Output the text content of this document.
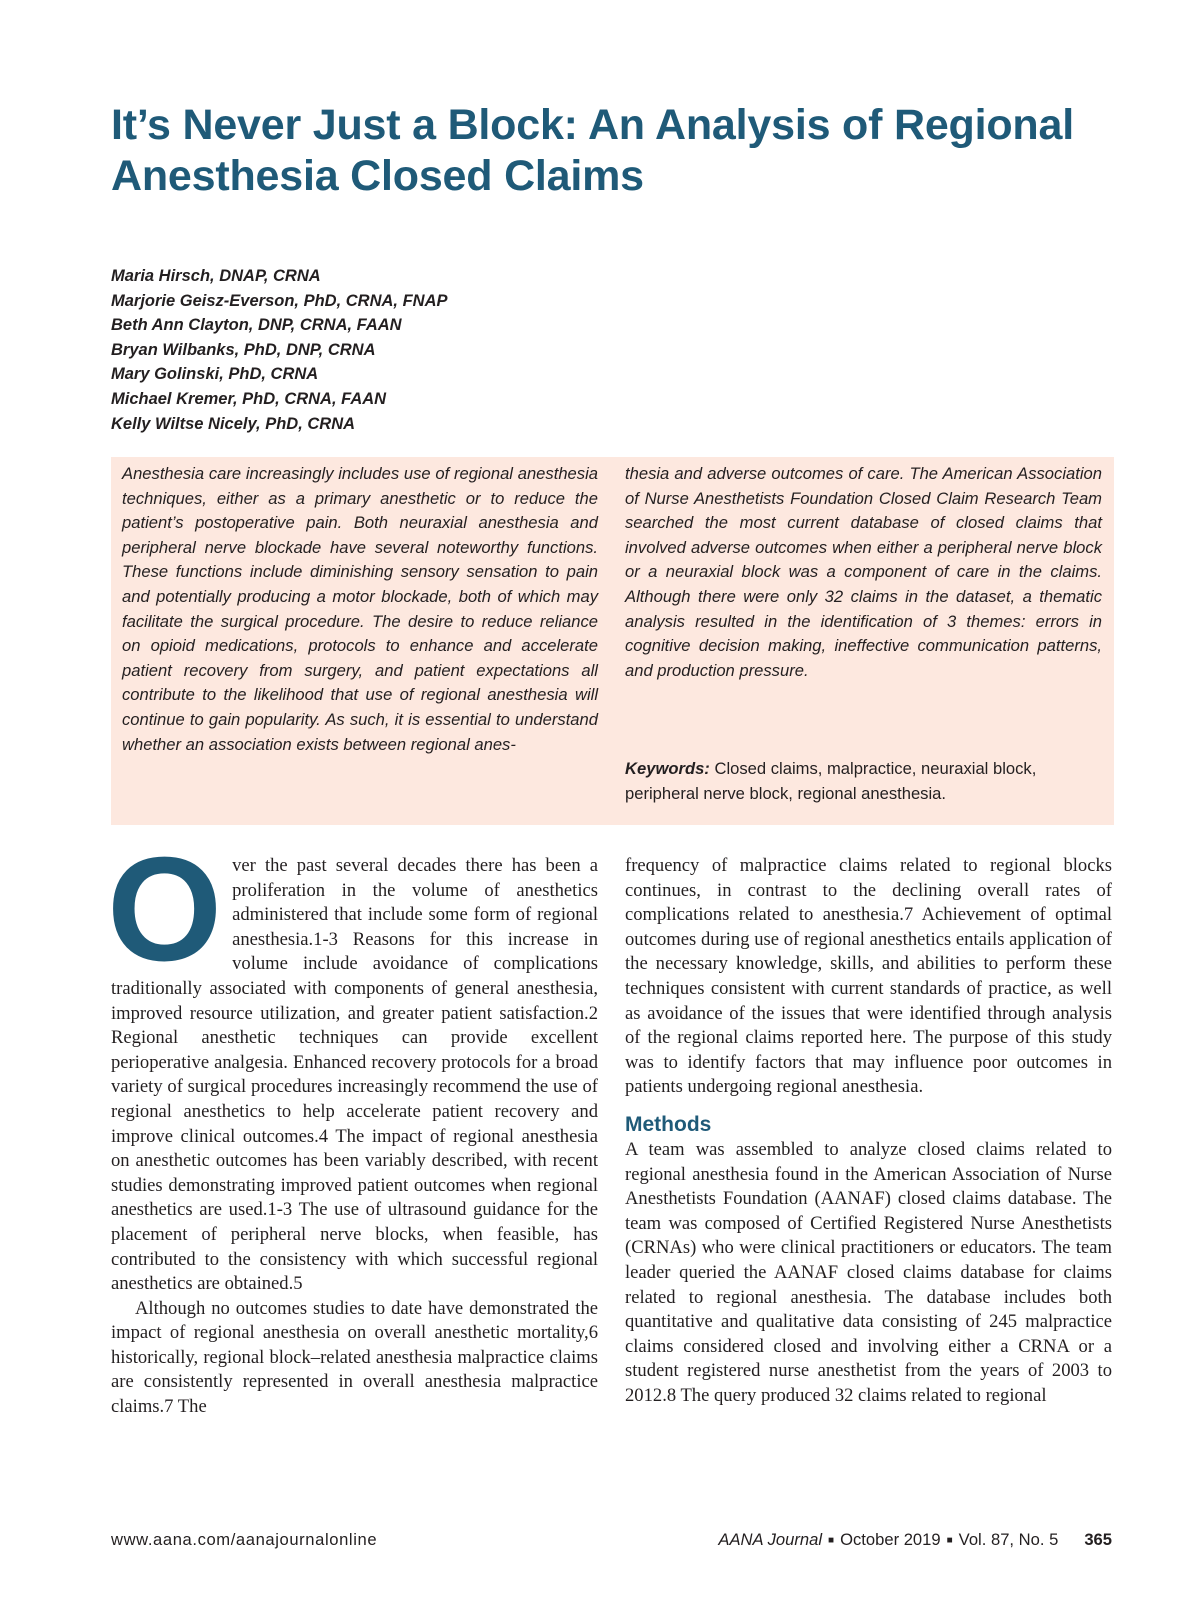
It’s Never Just a Block: An Analysis of Regional Anesthesia Closed Claims
Maria Hirsch, DNAP, CRNA
Marjorie Geisz-Everson, PhD, CRNA, FNAP
Beth Ann Clayton, DNP, CRNA, FAAN
Bryan Wilbanks, PhD, DNP, CRNA
Mary Golinski, PhD, CRNA
Michael Kremer, PhD, CRNA, FAAN
Kelly Wiltse Nicely, PhD, CRNA
Anesthesia care increasingly includes use of regional anesthesia techniques, either as a primary anesthetic or to reduce the patient’s postoperative pain. Both neuraxial anesthesia and peripheral nerve blockade have several noteworthy functions. These functions include diminishing sensory sensation to pain and potentially producing a motor blockade, both of which may facilitate the surgical procedure. The desire to reduce reliance on opioid medications, protocols to enhance and accelerate patient recovery from surgery, and patient expectations all contribute to the likelihood that use of regional anesthesia will continue to gain popularity. As such, it is essential to understand whether an association exists between regional anes-
thesia and adverse outcomes of care. The American Association of Nurse Anesthetists Foundation Closed Claim Research Team searched the most current database of closed claims that involved adverse outcomes when either a peripheral nerve block or a neuraxial block was a component of care in the claims. Although there were only 32 claims in the dataset, a thematic analysis resulted in the identification of 3 themes: errors in cognitive decision making, ineffective communication patterns, and production pressure.
Keywords: Closed claims, malpractice, neuraxial block, peripheral nerve block, regional anesthesia.

Over the past several decades there has been a proliferation in the volume of anesthetics administered that include some form of regional anesthesia.1-3 Reasons for this increase in volume include avoidance of complications traditionally associated with components of general anesthesia, improved resource utilization, and greater patient satisfaction.2 Regional anesthetic techniques can provide excellent perioperative analgesia. Enhanced recovery protocols for a broad variety of surgical procedures increasingly recommend the use of regional anesthetics to help accelerate patient recovery and improve clinical outcomes.4 The impact of regional anesthesia on anesthetic outcomes has been variably described, with recent studies demonstrating improved patient outcomes when regional anesthetics are used.1-3 The use of ultrasound guidance for the placement of peripheral nerve blocks, when feasible, has contributed to the consistency with which successful regional anesthetics are obtained.5

Although no outcomes studies to date have demonstrated the impact of regional anesthesia on overall anesthetic mortality,6 historically, regional block–related anesthesia malpractice claims are consistently represented in overall anesthesia malpractice claims.7 The

frequency of malpractice claims related to regional blocks continues, in contrast to the declining overall rates of complications related to anesthesia.7 Achievement of optimal outcomes during use of regional anesthetics entails application of the necessary knowledge, skills, and abilities to perform these techniques consistent with current standards of practice, as well as avoidance of the issues that were identified through analysis of the regional claims reported here. The purpose of this study was to identify factors that may influence poor outcomes in patients undergoing regional anesthesia.

Methods

A team was assembled to analyze closed claims related to regional anesthesia found in the American Association of Nurse Anesthetists Foundation (AANAF) closed claims database. The team was composed of Certified Registered Nurse Anesthetists (CRNAs) who were clinical practitioners or educators. The team leader queried the AANAF closed claims database for claims related to regional anesthesia. The database includes both quantitative and qualitative data consisting of 245 malpractice claims considered closed and involving either a CRNA or a student registered nurse anesthetist from the years of 2003 to 2012.8 The query produced 32 claims related to regional

www.aana.com/aanajournalonline	AANA Journal ■ October 2019 ■ Vol. 87, No. 5 365
